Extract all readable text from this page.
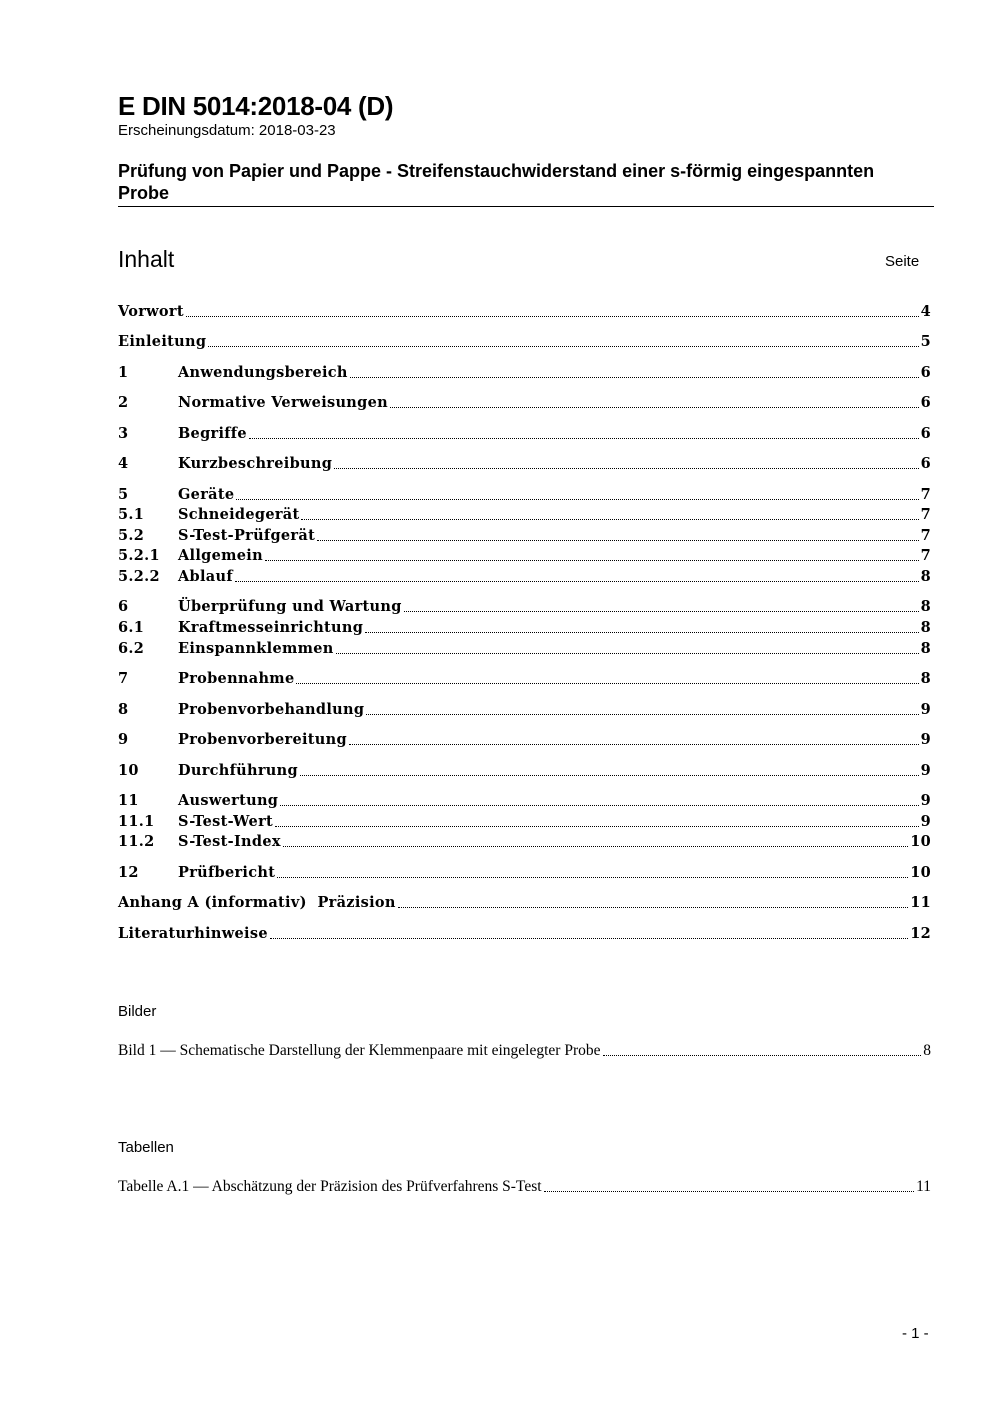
E DIN 5014:2018-04 (D)
Erscheinungsdatum: 2018-03-23
Prüfung von Papier und Pappe - Streifenstauchwiderstand einer s-förmig eingespannten Probe
Inhalt	Seite
Vorwort	4
Einleitung	5
1	Anwendungsbereich	6
2	Normative Verweisungen	6
3	Begriffe	6
4	Kurzbeschreibung	6
5	Geräte	7
5.1	Schneidegerät	7
5.2	S-Test-Prüfgerät	7
5.2.1	Allgemein	7
5.2.2	Ablauf	8
6	Überprüfung und Wartung	8
6.1	Kraftmesseinrichtung	8
6.2	Einspannklemmen	8
7	Probennahme	8
8	Probenvorbehandlung	9
9	Probenvorbereitung	9
10	Durchführung	9
11	Auswertung	9
11.1	S-Test-Wert	9
11.2	S-Test-Index	10
12	Prüfbericht	10
Anhang A (informativ)  Präzision	11
Literaturhinweise	12
Bilder
Bild 1 — Schematische Darstellung der Klemmenpaare mit eingelegter Probe	8
Tabellen
Tabelle A.1 — Abschätzung der Präzision des Prüfverfahrens S-Test	11
- 1 -
